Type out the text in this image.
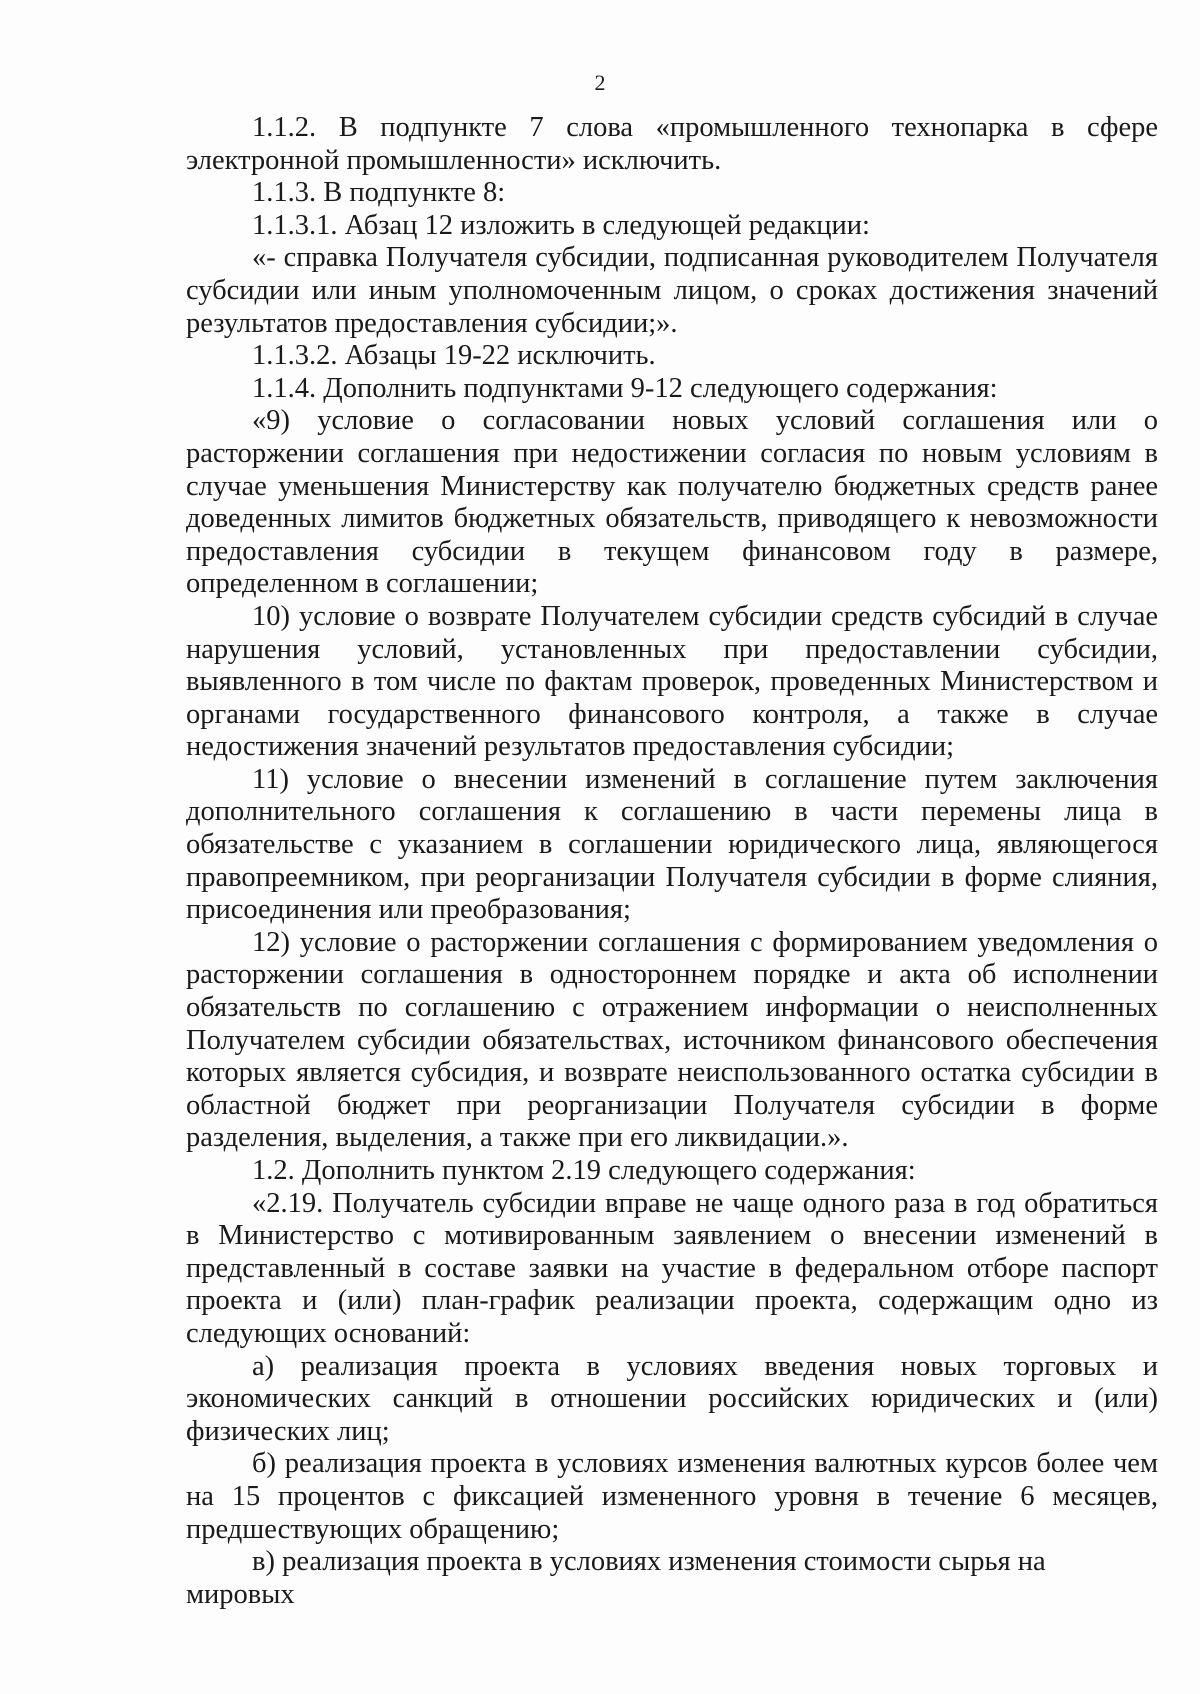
2

1.1.2. В подпункте 7 слова «промышленного технопарка в сфере электронной промышленности» исключить.

1.1.3. В подпункте 8:

1.1.3.1. Абзац 12 изложить в следующей редакции:

«- справка Получателя субсидии, подписанная руководителем Получателя субсидии или иным уполномоченным лицом, о сроках достижения значений результатов предоставления субсидии;».

1.1.3.2. Абзацы 19-22 исключить.

1.1.4. Дополнить подпунктами 9-12 следующего содержания:

«9) условие о согласовании новых условий соглашения или о расторжении соглашения при недостижении согласия по новым условиям в случае уменьшения Министерству как получателю бюджетных средств ранее доведенных лимитов бюджетных обязательств, приводящего к невозможности предоставления субсидии в текущем финансовом году в размере, определенном в соглашении;

10) условие о возврате Получателем субсидии средств субсидий в случае нарушения условий, установленных при предоставлении субсидии, выявленного в том числе по фактам проверок, проведенных Министерством и органами государственного финансового контроля, а также в случае недостижения значений результатов предоставления субсидии;

11) условие о внесении изменений в соглашение путем заключения дополнительного соглашения к соглашению в части перемены лица в обязательстве с указанием в соглашении юридического лица, являющегося правопреемником, при реорганизации Получателя субсидии в форме слияния, присоединения или преобразования;

12) условие о расторжении соглашения с формированием уведомления о расторжении соглашения в одностороннем порядке и акта об исполнении обязательств по соглашению с отражением информации о неисполненных Получателем субсидии обязательствах, источником финансового обеспечения которых является субсидия, и возврате неиспользованного остатка субсидии в областной бюджет при реорганизации Получателя субсидии в форме разделения, выделения, а также при его ликвидации.».

1.2. Дополнить пунктом 2.19 следующего содержания:

«2.19. Получатель субсидии вправе не чаще одного раза в год обратиться в Министерство с мотивированным заявлением о внесении изменений в представленный в составе заявки на участие в федеральном отборе паспорт проекта и (или) план-график реализации проекта, содержащим одно из следующих оснований:

а) реализация проекта в условиях введения новых торговых и экономических санкций в отношении российских юридических и (или) физических лиц;

б) реализация проекта в условиях изменения валютных курсов более чем на 15 процентов с фиксацией измененного уровня в течение 6 месяцев, предшествующих обращению;

в) реализация проекта в условиях изменения стоимости сырья на мировых
